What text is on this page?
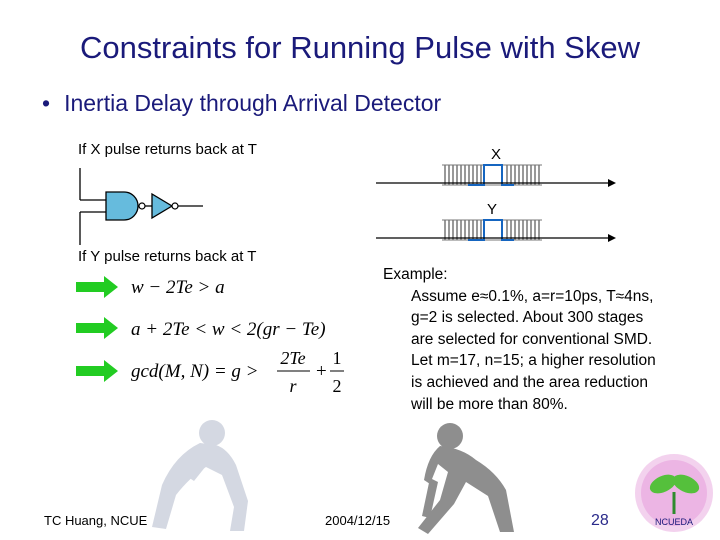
Constraints for Running Pulse with Skew
• Inertia Delay through Arrival Detector
If X pulse returns back at T
If Y pulse returns back at T
X
Y
w − 2Te > a
a + 2Te < w < 2(gr − Te)
gcd(M, N) = g >
2Te
r
+
1
2
Example:
Assume e≈0.1%, a=r=10ps, T≈4ns,
g=2 is selected. About 300 stages
are selected for conventional SMD.
Let m=17, n=15; a higher resolution
is achieved and the area reduction
will be more than 80%.
TC Huang, NCUE	2004/12/15	28	NCUEDA
